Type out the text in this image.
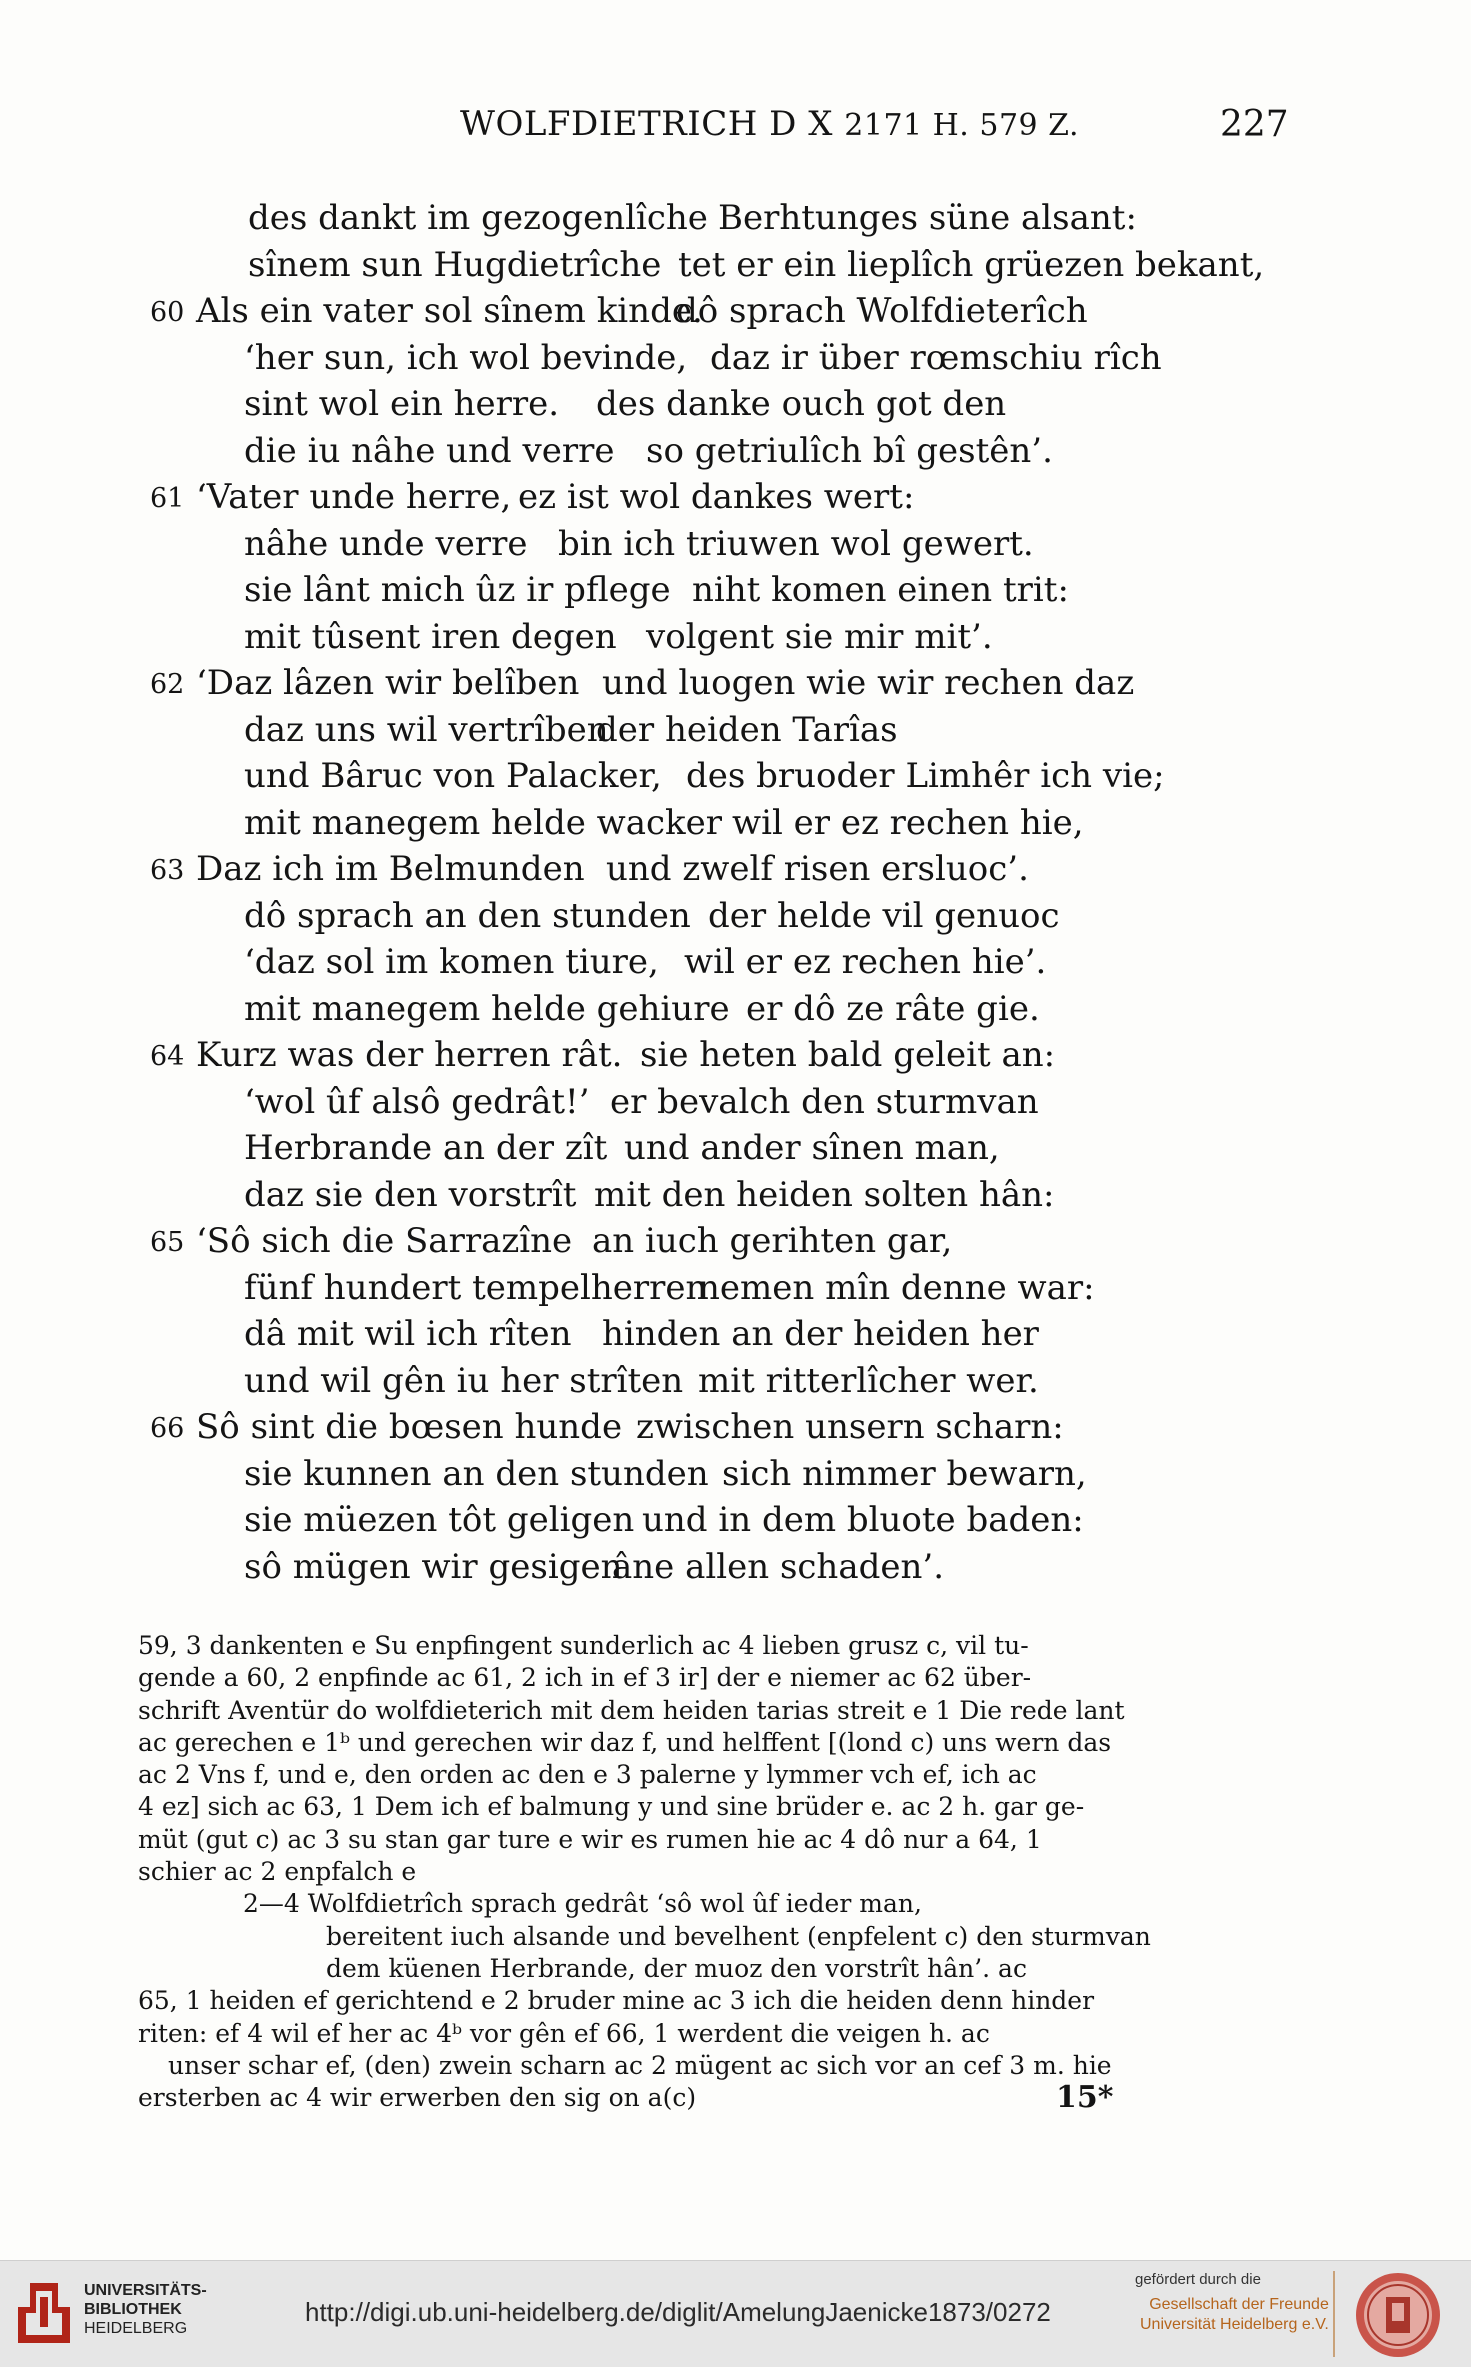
WOLFDIETRICH D X 2171 H. 579 Z.	227
des dankt im gezogenlîche Berhtunges süne alsant:
sînem sun Hugdietrîche tet er ein lieplîch grüezen bekant,
60 Als ein vater sol sînem kinde.
dô sprach Wolfdieterîch
‘her sun, ich wol bevinde, daz ir über rœmschiu rîch
sint wol ein herre. des danke ouch got den
die iu nâhe und verre so getriulîch bî gestên’.
61 ‘Vater unde herre, ez ist wol dankes wert:
nâhe unde verre bin ich triuwen wol gewert.
sie lânt mich ûz ir pflege niht komen einen trit:
mit tûsent iren degen volgent sie mir mit’.
62 ‘Daz lâzen wir belîben und luogen wie wir rechen daz
daz uns wil vertrîben
der heiden Tarîas
und Bâruc von Palacker, des bruoder Limhêr ich vie;
mit manegem helde wacker wil er ez rechen hie,
63 Daz ich im Belmunden und zwelf risen ersluoc’.
dô sprach an den stunden der helde vil genuoc
‘daz sol im komen tiure, wil er ez rechen hie’.
mit manegem helde gehiure er dô ze râte gie.
64 Kurz was der herren rât. sie heten bald geleit an:
‘wol ûf alsô gedrât!’ er bevalch den sturmvan
Herbrande an der zît und ander sînen man,
daz sie den vorstrît mit den heiden solten hân:
65 ‘Sô sich die Sarrazîne an iuch gerihten gar,
fünf hundert tempelherren
nemen mîn denne war:
dâ mit wil ich rîten hinden an der heiden her
und wil gên iu her strîten mit ritterlîcher wer.
66 Sô sint die bœsen hunde zwischen unsern scharn:
sie kunnen an den stunden sich nimmer bewarn,
sie müezen tôt geligen und in dem bluote baden:
sô mügen wir gesigen
âne allen schaden’.

59, 3 dankenten e Su enpfingent sunderlich ac 4 lieben grusz c, vil tu-

gende a 60, 2 enpfinde ac 61, 2 ich in ef 3 ir] der e niemer ac 62 über-

schrift Aventür do wolfdieterich mit dem heiden tarias streit e 1 Die rede lant

ac gerechen e 1ᵇ und gerechen wir daz f, und helffent [(lond c) uns wern das

ac 2 Vns f, und e, den orden ac den e 3 palerne y lymmer vch ef, ich ac

4 ez] sich ac 63, 1 Dem ich ef balmung y und sine brüder e. ac 2 h. gar ge-

müt (gut c) ac 3 su stan gar ture e wir es rumen hie ac 4 dô nur a 64, 1

schier ac 2 enpfalch e

2—4 Wolfdietrîch sprach gedrât ‘sô wol ûf ieder man,

bereitent iuch alsande und bevelhent (enpfelent c) den sturmvan

dem küenen Herbrande, der muoz den vorstrît hân’. ac

65, 1 heiden ef gerichtend e 2 bruder mine ac 3 ich die heiden denn hinder

riten: ef 4 wil ef her ac 4ᵇ vor gên ef 66, 1 werdent die veigen h. ac

unser schar ef, (den) zwein scharn ac 2 mügent ac sich vor an cef 3 m. hie

ersterben ac 4 wir erwerben den sig on a(c)	15*
UNIVERSITÄTS-
BIBLIOTHEK
HEIDELBERG
http://digi.ub.uni-heidelberg.de/diglit/AmelungJaenicke1873/0272
gefördert durch die
Gesellschaft der Freunde
Universität Heidelberg e.V.
